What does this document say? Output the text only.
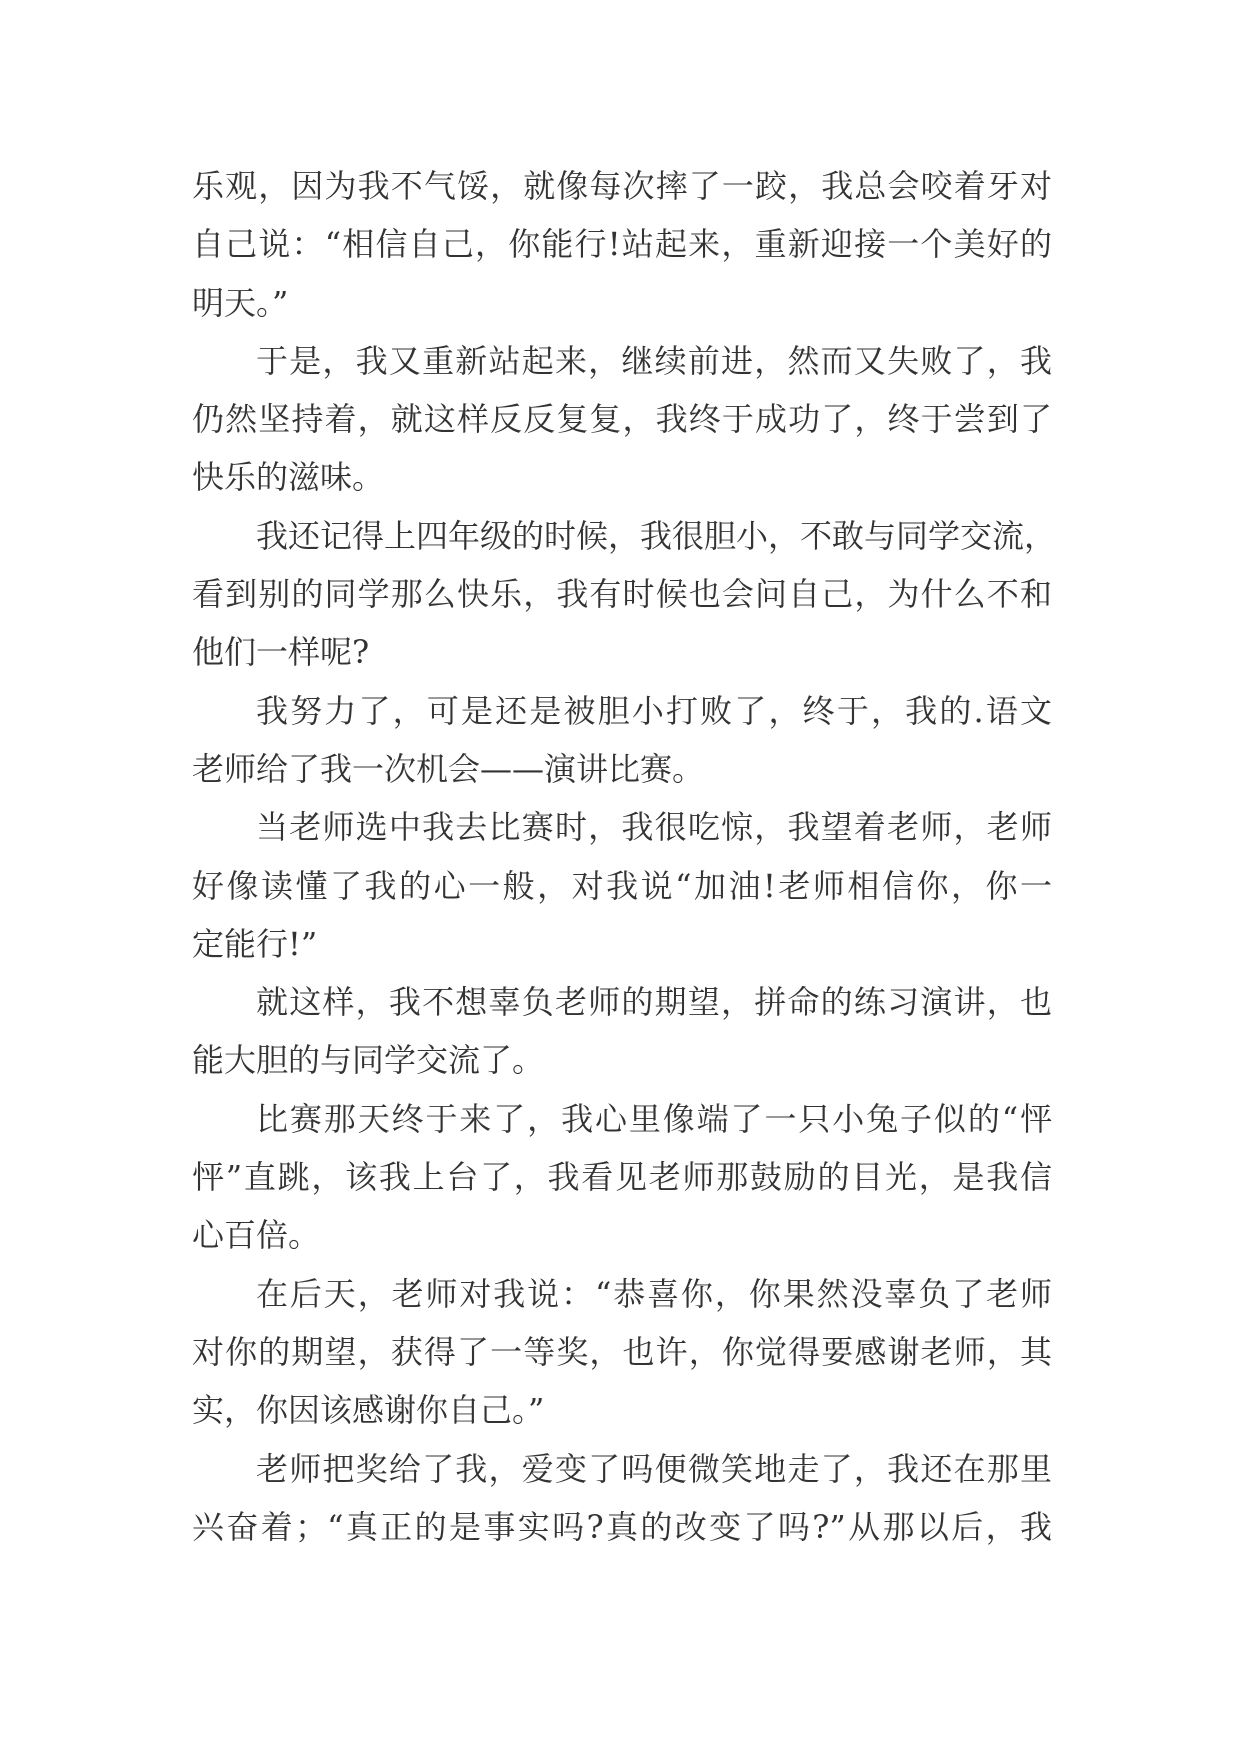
乐观，因为我不气馁，就像每次摔了一跤，我总会咬着牙对
自己说：“相信自己，你能行!站起来，重新迎接一个美好的
明天。”

于是，我又重新站起来，继续前进，然而又失败了，我
仍然坚持着，就这样反反复复，我终于成功了，终于尝到了
快乐的滋味。

我还记得上四年级的时候，我很胆小，不敢与同学交流，
看到别的同学那么快乐，我有时候也会问自己，为什么不和
他们一样呢?

我努力了，可是还是被胆小打败了，终于，我的.语文
老师给了我一次机会——演讲比赛。

当老师选中我去比赛时，我很吃惊，我望着老师，老师
好像读懂了我的心一般，对我说“加油!老师相信你，你一
定能行!”

就这样，我不想辜负老师的期望，拼命的练习演讲，也
能大胆的与同学交流了。

比赛那天终于来了，我心里像端了一只小兔子似的“怦
怦”直跳，该我上台了，我看见老师那鼓励的目光，是我信
心百倍。

在后天，老师对我说：“恭喜你，你果然没辜负了老师
对你的期望，获得了一等奖，也许，你觉得要感谢老师，其
实，你因该感谢你自己。”

老师把奖给了我，爱变了吗便微笑地走了，我还在那里
兴奋着；“真正的是事实吗?真的改变了吗?”从那以后，我
